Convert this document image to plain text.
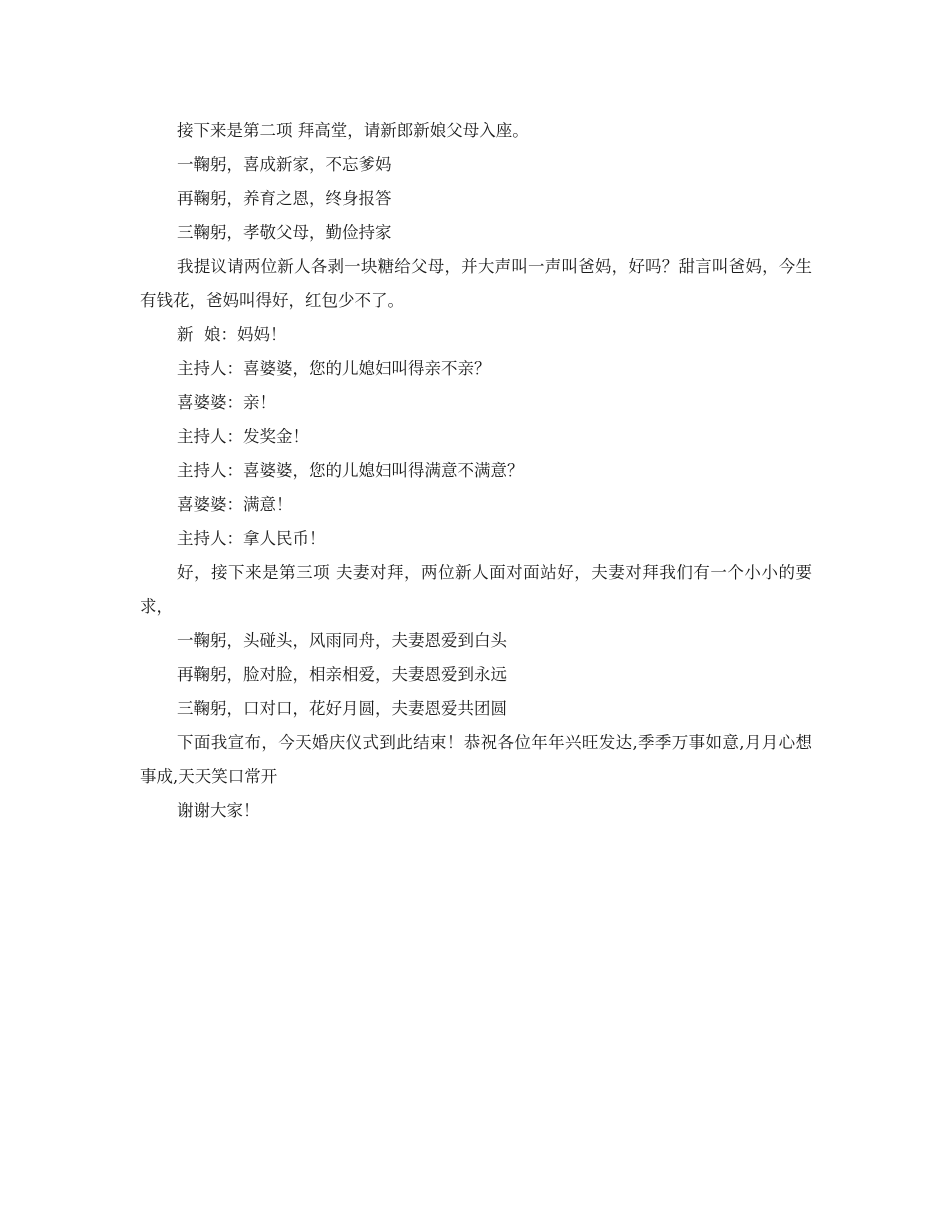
接下来是第二项 拜高堂，请新郎新娘父母入座。

一鞠躬，喜成新家，不忘爹妈

再鞠躬，养育之恩，终身报答

三鞠躬，孝敬父母，勤俭持家

我提议请两位新人各剥一块糖给父母，并大声叫一声叫爸妈，好吗？甜言叫爸妈，今生有钱花，爸妈叫得好，红包少不了。

新  娘：妈妈！

主持人：喜婆婆，您的儿媳妇叫得亲不亲？

喜婆婆：亲！

主持人：发奖金！

主持人：喜婆婆，您的儿媳妇叫得满意不满意？

喜婆婆：满意！

主持人：拿人民币！

好，接下来是第三项 夫妻对拜，两位新人面对面站好，夫妻对拜我们有一个小小的要求，

一鞠躬，头碰头，风雨同舟，夫妻恩爱到白头

再鞠躬，脸对脸，相亲相爱，夫妻恩爱到永远

三鞠躬，口对口，花好月圆，夫妻恩爱共团圆

下面我宣布，今天婚庆仪式到此结束！恭祝各位年年兴旺发达,季季万事如意,月月心想事成,天天笑口常开

谢谢大家！
